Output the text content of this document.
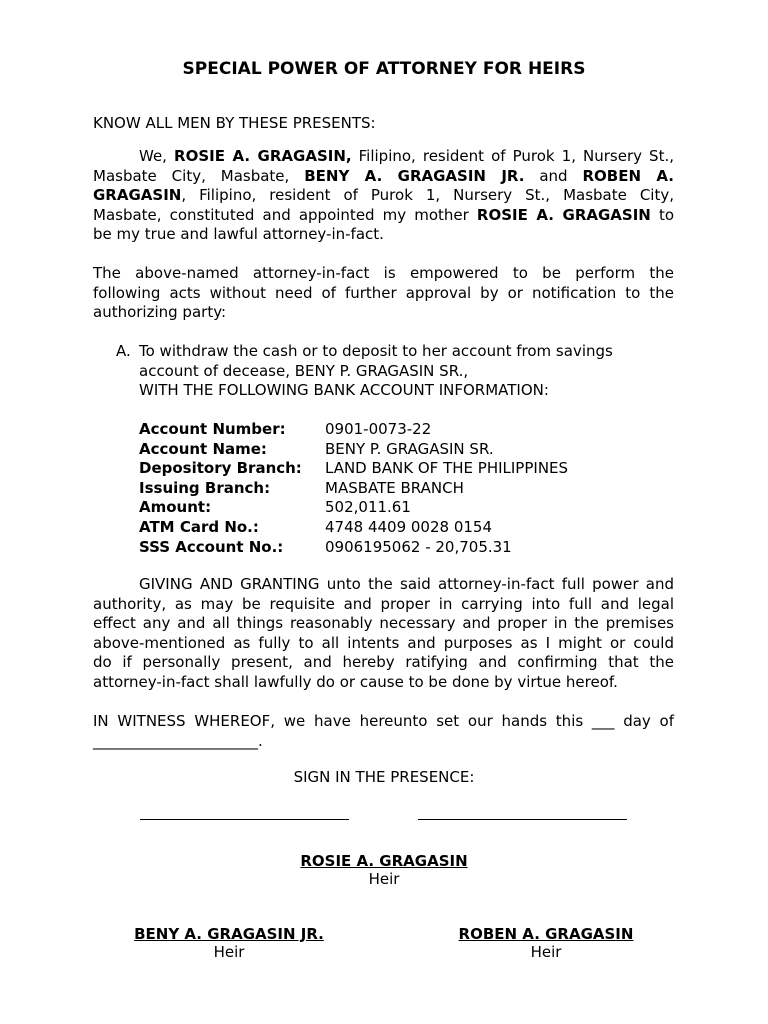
SPECIAL POWER OF ATTORNEY FOR HEIRS
KNOW ALL MEN BY THESE PRESENTS:
We, ROSIE A. GRAGASIN, Filipino, resident of Purok 1, Nursery St.,
Masbate City, Masbate, BENY A. GRAGASIN JR. and ROBEN A.
GRAGASIN, Filipino, resident of Purok 1, Nursery St., Masbate City,
Masbate, constituted and appointed my mother ROSIE A. GRAGASIN to
be my true and lawful attorney-in-fact.
The above-named attorney-in-fact is empowered to be perform the
following acts without need of further approval by or notification to the
authorizing party:
A. To withdraw the cash or to deposit to her account from savings
account of decease, BENY P. GRAGASIN SR.,
WITH THE FOLLOWING BANK ACCOUNT INFORMATION:
Account Number:	0901-0073-22
Account Name:	BENY P. GRAGASIN SR.
Depository Branch: LAND BANK OF THE PHILIPPINES
Issuing Branch:	MASBATE BRANCH
Amount:	502,011.61
ATM Card No.:	4748 4409 0028 0154
SSS Account No.:	0906195062 - 20,705.31
GIVING AND GRANTING unto the said attorney-in-fact full power and
authority, as may be requisite and proper in carrying into full and legal
effect any and all things reasonably necessary and proper in the premises
above-mentioned as fully to all intents and purposes as I might or could
do if personally present, and hereby ratifying and confirming that the
attorney-in-fact shall lawfully do or cause to be done by virtue hereof.
IN WITNESS WHEREOF, we have hereunto set our hands this ___ day of
______________________.
SIGN IN THE PRESENCE:
ROSIE A. GRAGASIN
Heir
BENY A. GRAGASIN JR.
Heir
ROBEN A. GRAGASIN
Heir
